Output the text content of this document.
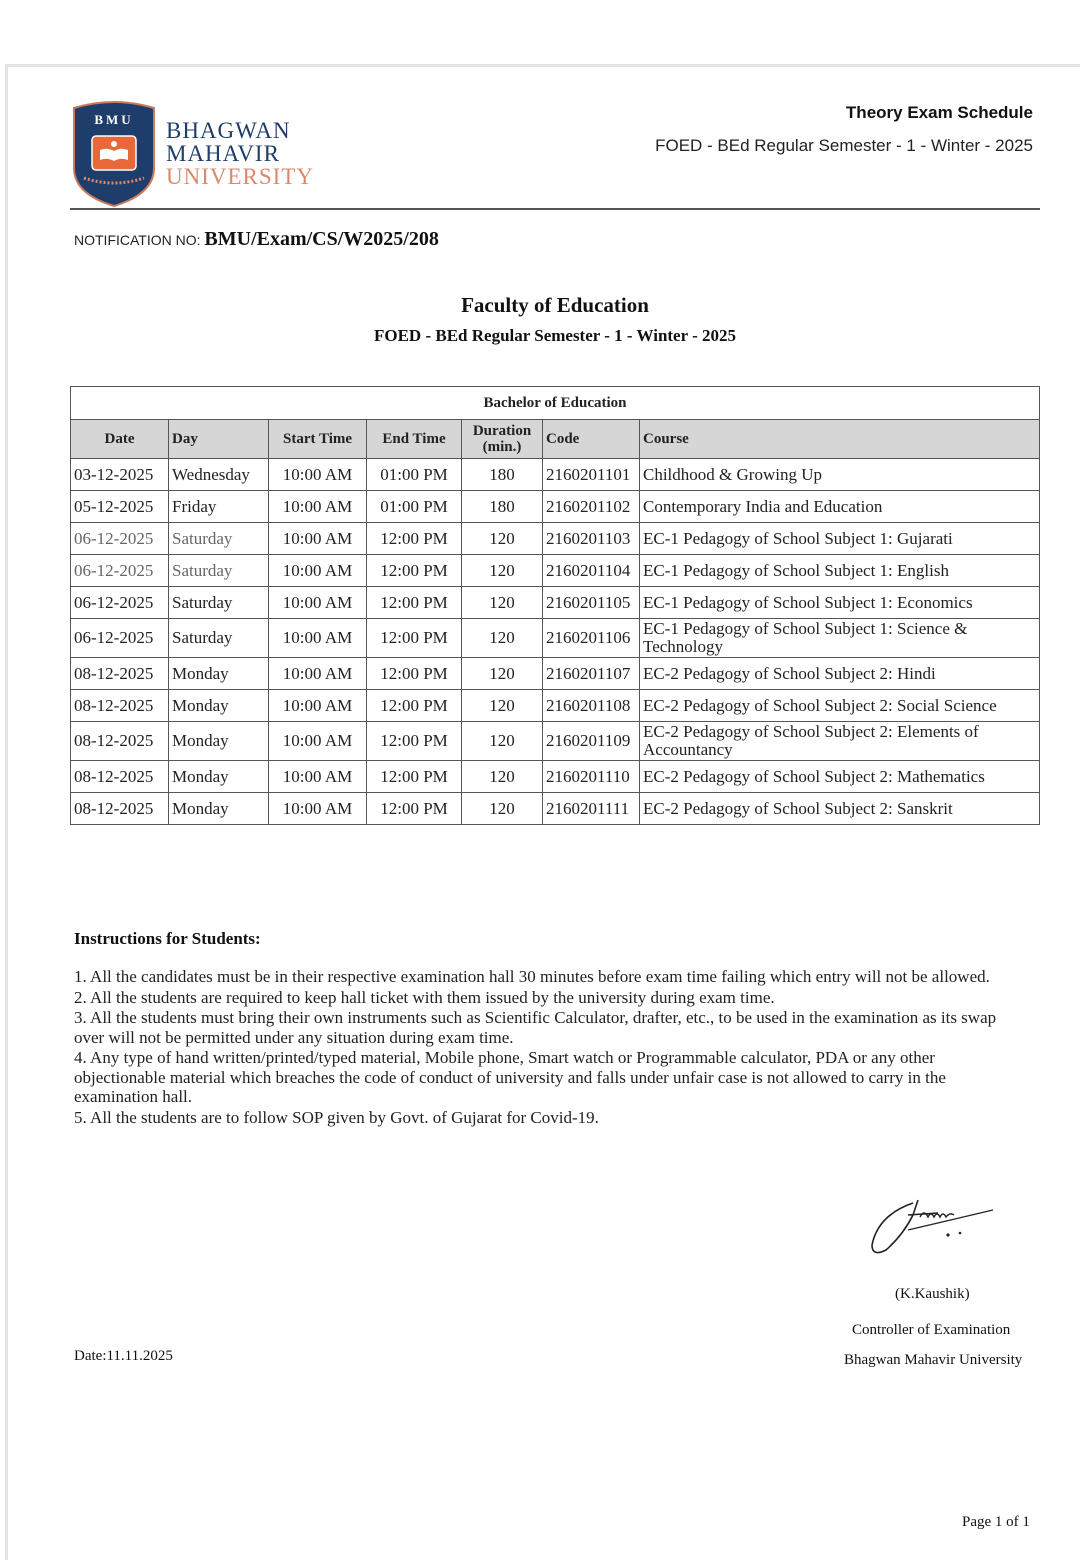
BMU BHAGWAN
MAHAVIR
UNIVERSITY
Theory Exam Schedule
FOED - BEd Regular Semester - 1 - Winter - 2025
NOTIFICATION NO: BMU/Exam/CS/W2025/208
Faculty of Education
FOED - BEd Regular Semester - 1 - Winter - 2025
Bachelor of Education						
Date	Day	Start Time	End Time	Duration (min.)	Code	Course
03-12-2025	Wednesday	10:00 AM	01:00 PM	180	2160201101	Childhood & Growing Up
05-12-2025	Friday	10:00 AM	01:00 PM	180	2160201102	Contemporary India and Education
06-12-2025	Saturday	10:00 AM	12:00 PM	120	2160201103	EC-1 Pedagogy of School Subject 1: Gujarati
06-12-2025	Saturday	10:00 AM	12:00 PM	120	2160201104	EC-1 Pedagogy of School Subject 1: English
06-12-2025	Saturday	10:00 AM	12:00 PM	120	2160201105	EC-1 Pedagogy of School Subject 1: Economics
06-12-2025	Saturday	10:00 AM	12:00 PM	120	2160201106	EC-1 Pedagogy of School Subject 1: Science & Technology
08-12-2025	Monday	10:00 AM	12:00 PM	120	2160201107	EC-2 Pedagogy of School Subject 2: Hindi
08-12-2025	Monday	10:00 AM	12:00 PM	120	2160201108	EC-2 Pedagogy of School Subject 2: Social Science
08-12-2025	Monday	10:00 AM	12:00 PM	120	2160201109	EC-2 Pedagogy of School Subject 2: Elements of Accountancy
08-12-2025	Monday	10:00 AM	12:00 PM	120	2160201110	EC-2 Pedagogy of School Subject 2: Mathematics
08-12-2025	Monday	10:00 AM	12:00 PM	120	2160201111	EC-2 Pedagogy of School Subject 2: Sanskrit
Instructions for Students:
1. All the candidates must be in their respective examination hall 30 minutes before exam time failing which entry will not be allowed.
2. All the students are required to keep hall ticket with them issued by the university during exam time.
3. All the students must bring their own instruments such as Scientific Calculator, drafter, etc., to be used in the examination as its swap over will not be permitted under any situation during exam time.
4. Any type of hand written/printed/typed material, Mobile phone, Smart watch or Programmable calculator, PDA or any other objectionable material which breaches the code of conduct of university and falls under unfair case is not allowed to carry in the examination hall.
5. All the students are to follow SOP given by Govt. of Gujarat for Covid-19.
(K.Kaushik)
Controller of Examination
Bhagwan Mahavir University
Date:11.11.2025
Page 1 of 1
